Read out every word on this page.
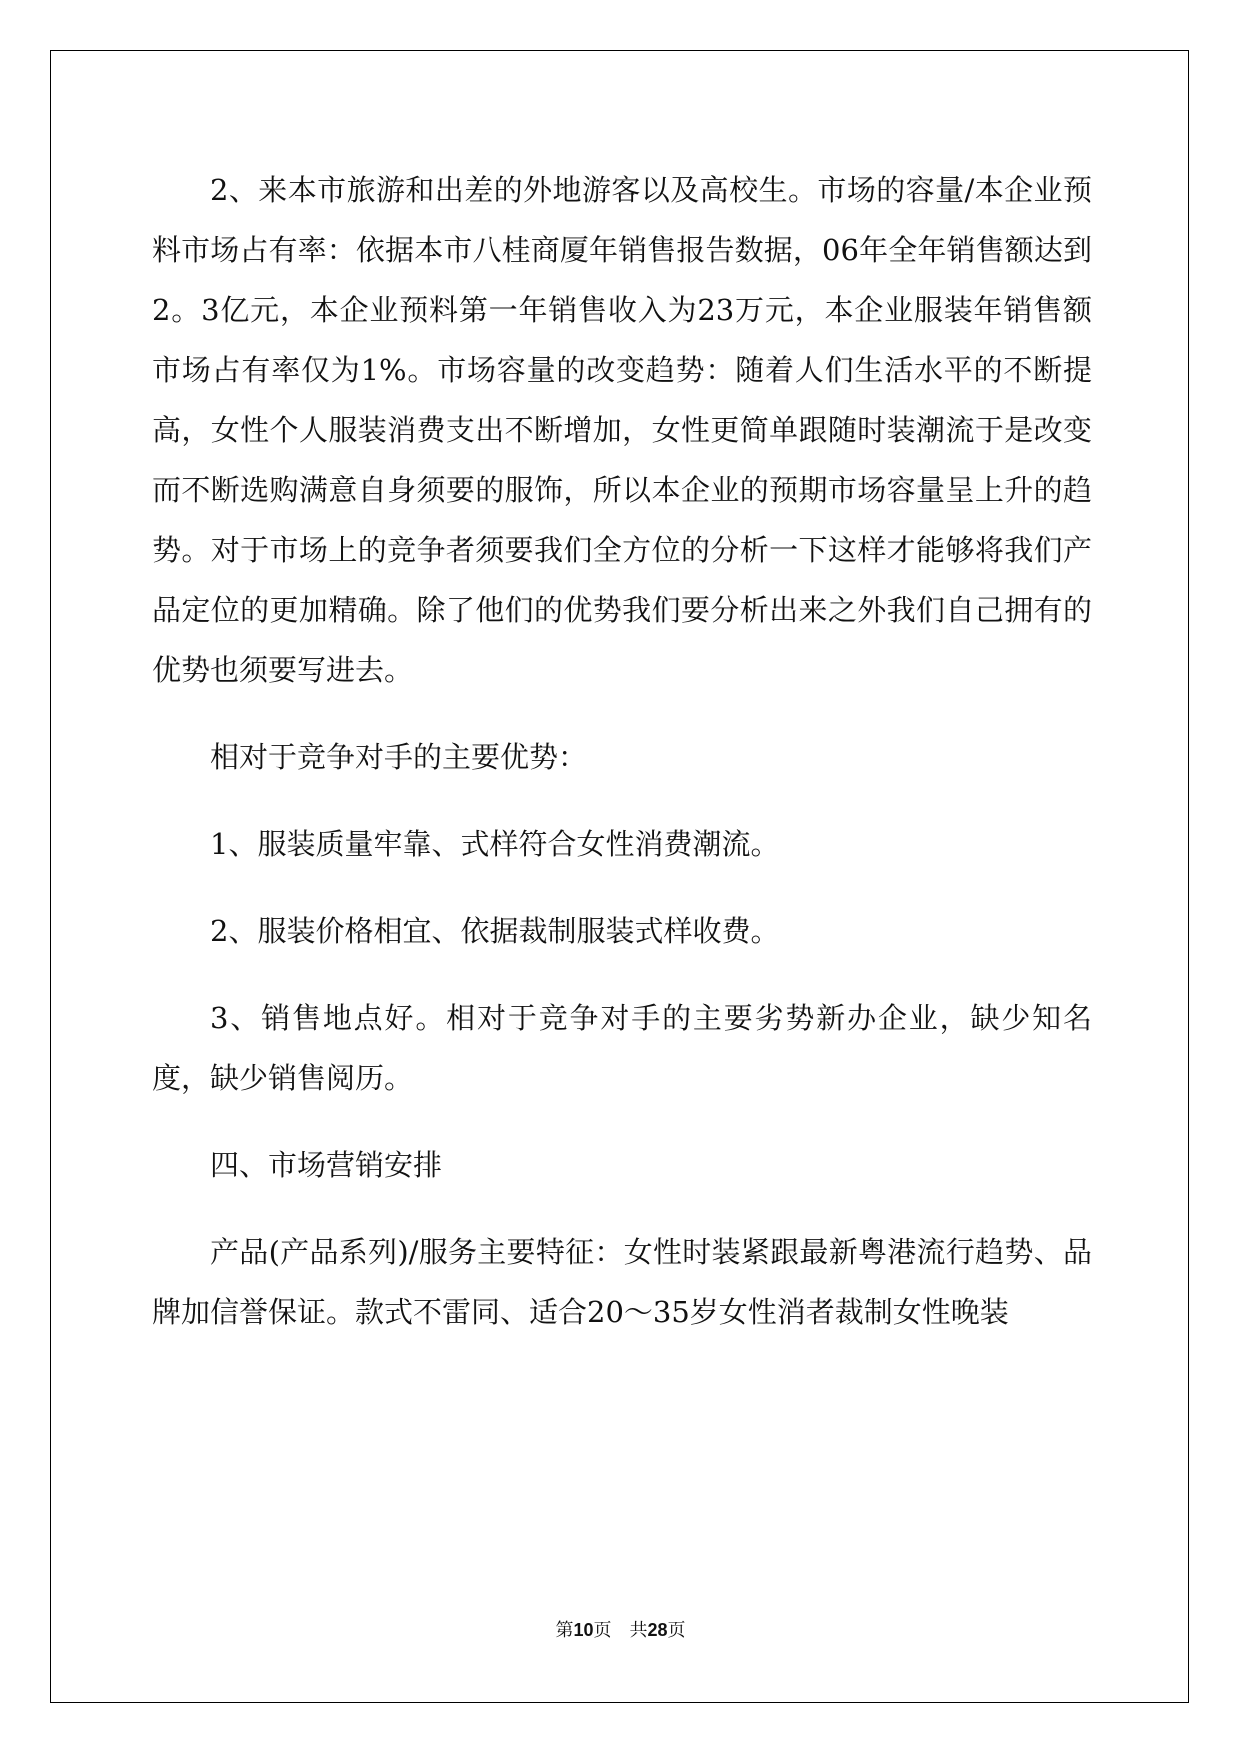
2、来本市旅游和出差的外地游客以及高校生。市场的容量/本企业预料市场占有率：依据本市八桂商厦年销售报告数据，06年全年销售额达到2。3亿元，本企业预料第一年销售收入为23万元，本企业服装年销售额市场占有率仅为1%。市场容量的改变趋势：随着人们生活水平的不断提高，女性个人服装消费支出不断增加，女性更简单跟随时装潮流于是改变而不断选购满意自身须要的服饰，所以本企业的预期市场容量呈上升的趋势。对于市场上的竞争者须要我们全方位的分析一下这样才能够将我们产品定位的更加精确。除了他们的优势我们要分析出来之外我们自己拥有的优势也须要写进去。

相对于竞争对手的主要优势：

1、服装质量牢靠、式样符合女性消费潮流。

2、服装价格相宜、依据裁制服装式样收费。

3、销售地点好。相对于竞争对手的主要劣势新办企业，缺少知名度，缺少销售阅历。

四、市场营销安排

产品(产品系列)/服务主要特征：女性时装紧跟最新粤港流行趋势、品牌加信誉保证。款式不雷同、适合20～35岁女性消者裁制女性晚装

第10页　共28页
